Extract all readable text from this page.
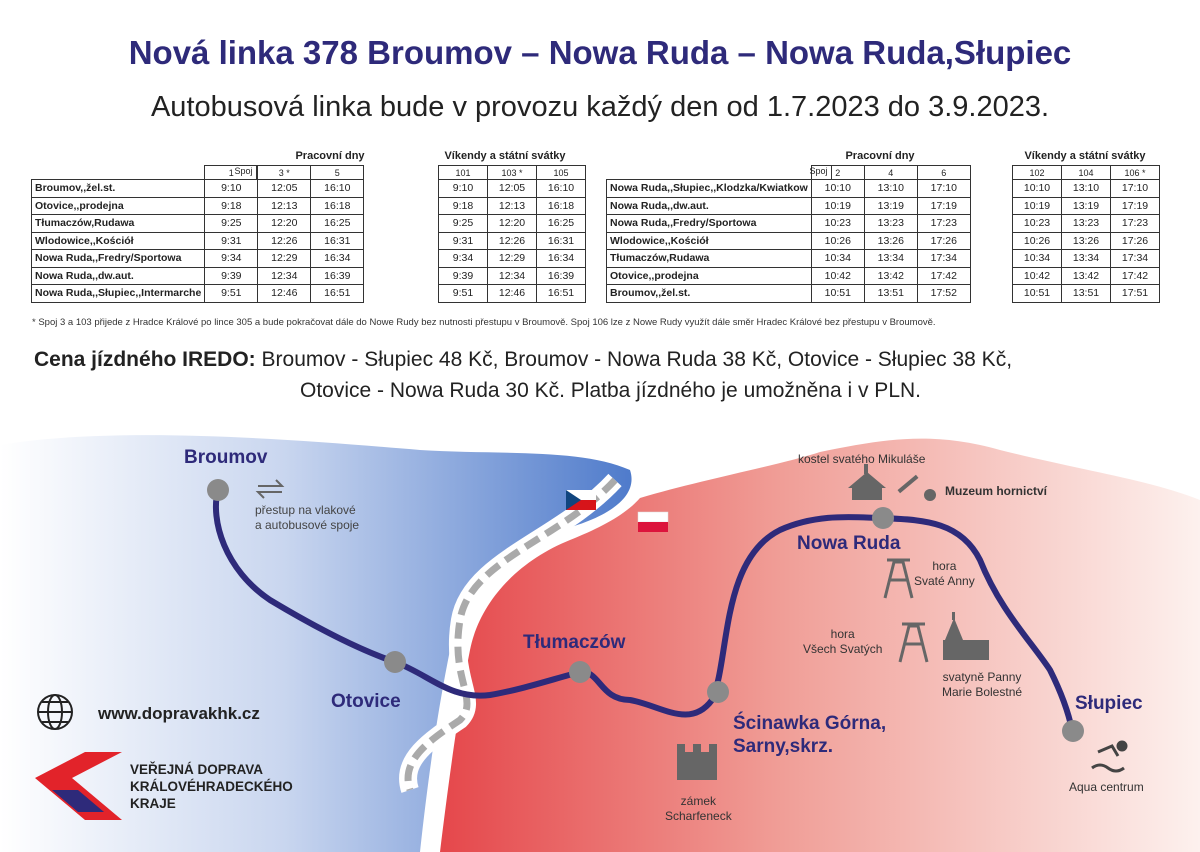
Nová linka 378 Broumov – Nowa Ruda – Nowa Ruda,Słupiec
Autobusová linka bude v provozu každý den od 1.7.2023 do 3.9.2023.
Pracovní dny	Víkendy a státní svátky	Pracovní dny	Víkendy a státní svátky
Spoj
1	3 *	5
Broumov,,žel.st.	9:10	12:05	16:10
Otovice,,prodejna	9:18	12:13	16:18
Tłumaczów,Rudawa	9:25	12:20	16:25
Wlodowice,,Kościół	9:31	12:26	16:31
Nowa Ruda,,Fredry/Sportowa	9:34	12:29	16:34
Nowa Ruda,,dw.aut.	9:39	12:34	16:39
Nowa Ruda,,Słupiec,,Intermarche	9:51	12:46	16:51
101	103 *	105
9:10	12:05	16:10
9:18	12:13	16:18
9:25	12:20	16:25
9:31	12:26	16:31
9:34	12:29	16:34
9:39	12:34	16:39
9:51	12:46	16:51
Spoj 2	4	6
Nowa Ruda,,Słupiec,,Klodzka/Kwiatkow	10:10	13:10	17:10
Nowa Ruda,,dw.aut.	10:19	13:19	17:19
Nowa Ruda,,Fredry/Sportowa	10:23	13:23	17:23
Wlodowice,,Kościół	10:26	13:26	17:26
Tłumaczów,Rudawa	10:34	13:34	17:34
Otovice,,prodejna	10:42	13:42	17:42
Broumov,,žel.st.	10:51	13:51	17:52
102	104	106 *
10:10	13:10	17:10
10:19	13:19	17:19
10:23	13:23	17:23
10:26	13:26	17:26
10:34	13:34	17:34
10:42	13:42	17:42
10:51	13:51	17:51
* Spoj 3 a 103 přijede z Hradce Králové po lince 305 a bude pokračovat dále do Nowe Rudy bez nutnosti přestupu v Broumově. Spoj 106 lze z Nowe Rudy využít dále směr Hradec Králové bez přestupu v Broumově.
Cena jízdného IREDO: Broumov - Słupiec 48 Kč, Broumov - Nowa Ruda 38 Kč, Otovice - Słupiec 38 Kč,
Otovice - Nowa Ruda 30 Kč. Platba jízdného je umožněna i v PLN.
Broumov
přestup na vlakové
a autobusové spoje
Otovice
Tłumaczów
Ścinawka Górna,
Sarny,skrz.
Nowa Ruda
Słupiec
kostel svatého Mikuláše
Muzeum hornictví
hora
Svaté Anny
hora
Všech Svatých
svatyně Panny
Marie Bolestné
zámek
Scharfeneck
Aqua centrum
www.dopravakhk.cz
VEŘEJNÁ DOPRAVA
KRÁLOVÉHRADECKÉHO
KRAJE
